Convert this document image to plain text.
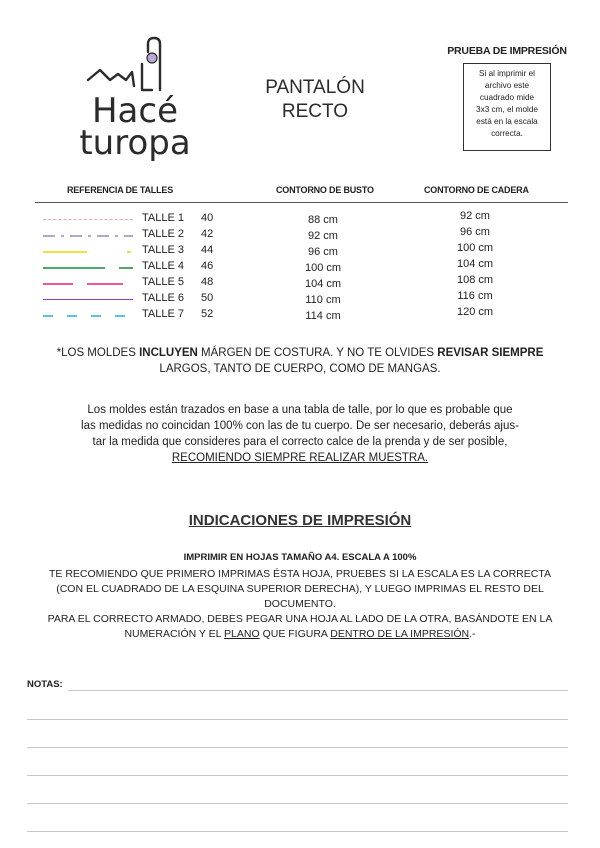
Hacé
turopa
PANTALÓN
RECTO
PRUEBA DE IMPRESIÓN
Si al imprimir el
archivo este
cuadrado mide
3x3 cm, el molde
está en la escala
correcta.
REFERENCIA DE TALLES	CONTORNO DE BUSTO	CONTORNO DE CADERA
TALLE 1 40	88 cm	92 cm
TALLE 2 42	92 cm	96 cm
TALLE 3 44	96 cm	100 cm
TALLE 4 46	100 cm	104 cm
TALLE 5 48	104 cm	108 cm
TALLE 6 50	110 cm	116 cm
TALLE 7 52	114 cm	120 cm
*LOS MOLDES INCLUYEN MÁRGEN DE COSTURA. Y NO TE OLVIDES REVISAR SIEMPRE
LARGOS, TANTO DE CUERPO, COMO DE MANGAS.
Los moldes están trazados en base a una tabla de talle, por lo que es probable que
las medidas no coincidan 100% con las de tu cuerpo. De ser necesario, deberás ajus-
tar la medida que consideres para el correcto calce de la prenda y de ser posible,
RECOMIENDO SIEMPRE REALIZAR MUESTRA.
INDICACIONES DE IMPRESIÓN
IMPRIMIR EN HOJAS TAMAÑO A4. ESCALA A 100%
TE RECOMIENDO QUE PRIMERO IMPRIMAS ÉSTA HOJA, PRUEBES SI LA ESCALA ES LA CORRECTA
(CON EL CUADRADO DE LA ESQUINA SUPERIOR DERECHA), Y LUEGO IMPRIMAS EL RESTO DEL
DOCUMENTO.
PARA EL CORRECTO ARMADO, DEBES PEGAR UNA HOJA AL LADO DE LA OTRA, BASÁNDOTE EN LA
NUMERACIÓN Y EL PLANO QUE FIGURA DENTRO DE LA IMPRESIÓN.-
NOTAS:
